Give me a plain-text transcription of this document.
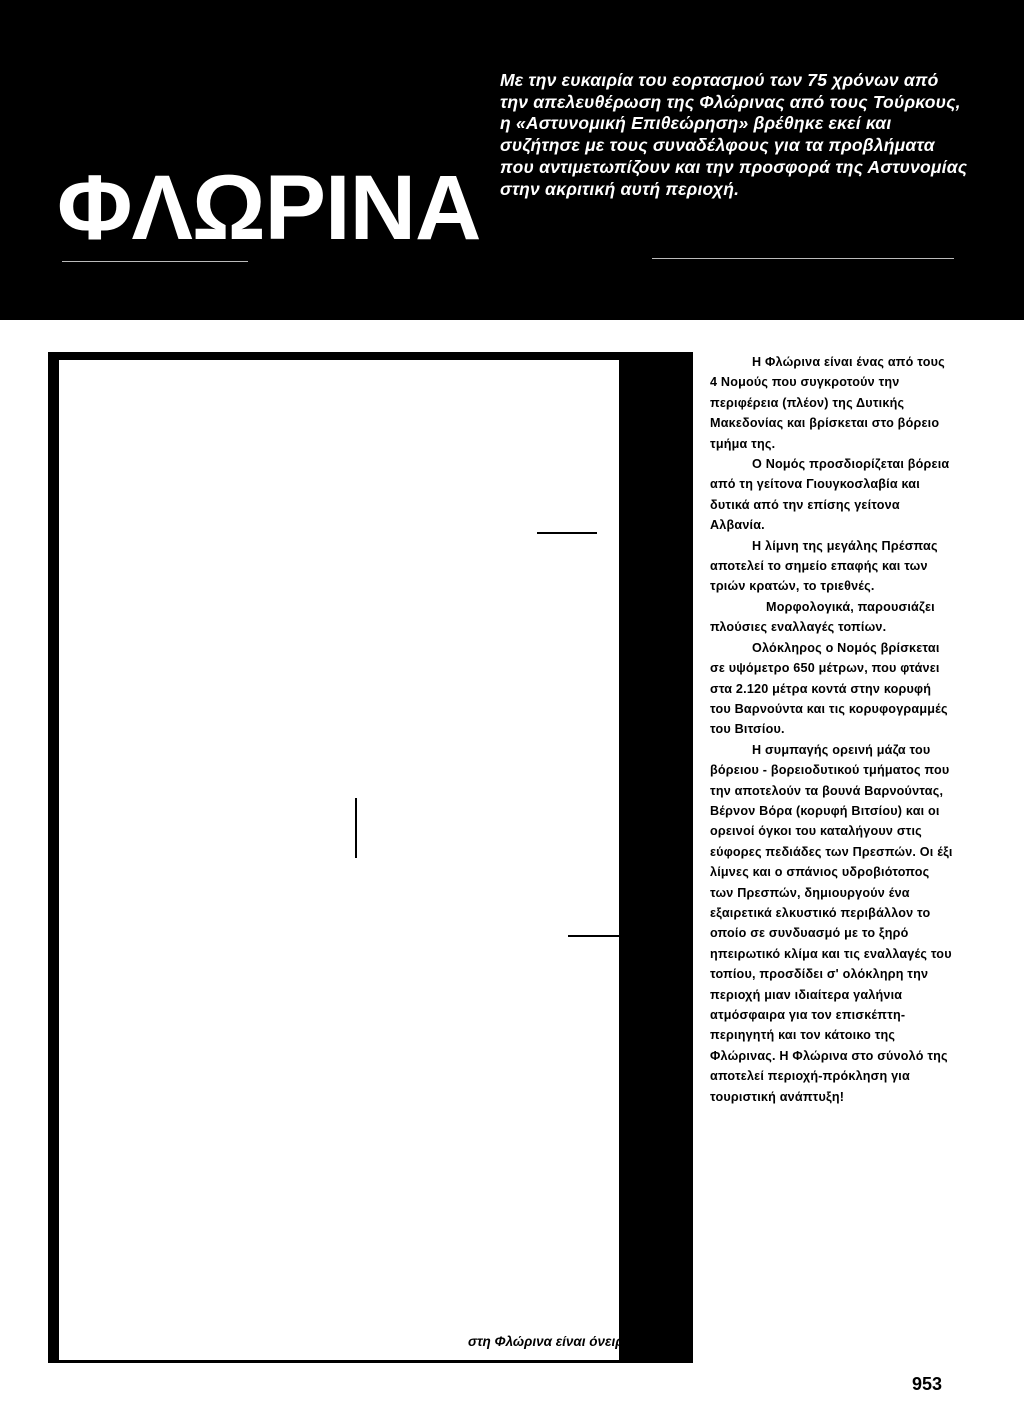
ΦΛΩΡΙΝΑ
Με την ευκαιρία του εορτασμού των 75 χρόνων από την απελευθέρωση της Φλώρινας από τους Τούρκους, η «Αστυνομική Επιθεώρηση» βρέθηκε εκεί και συζήτησε με τους συναδέλφους για τα προβλήματα που αντιμετωπίζουν και την προσφορά της Αστυνομίας στην ακριτική αυτή περιοχή.
στη Φλώρινα είναι όνειρο.

Η Φλώρινα είναι ένας από τους 4 Νομούς που συγκροτούν την περιφέρεια (πλέον) της Δυτικής Μακεδονίας και βρίσκεται στο βόρειο τμήμα της.

Ο Νομός προσδιορίζεται βόρεια από τη γείτονα Γιουγκοσλαβία και δυτικά από την επίσης γείτονα Αλβανία.

Η λίμνη της μεγάλης Πρέσπας αποτελεί το σημείο επαφής και των τριών κρατών, το τριεθνές.

Μορφολογικά, παρουσιάζει πλούσιες εναλλαγές τοπίων.

Ολόκληρος ο Νομός βρίσκεται σε υψόμετρο 650 μέτρων, που φτάνει στα 2.120 μέτρα κοντά στην κορυφή του Βαρνούντα και τις κορυφογραμμές του Βιτσίου.

Η συμπαγής ορεινή μάζα του βόρειου - βορειοδυτικού τμήματος που την αποτελούν τα βουνά Βαρνούντας, Βέρνον Βόρα (κορυφή Βιτσίου) και οι ορεινοί όγκοι του καταλήγουν στις εύφορες πεδιάδες των Πρεσπών. Οι έξι λίμνες και ο σπάνιος υδροβιότοπος των Πρεσπών, δημιουργούν ένα εξαιρετικά ελκυστικό περιβάλλον το οποίο σε συνδυασμό με το ξηρό ηπειρωτικό κλίμα και τις εναλλαγές του τοπίου, προσδίδει σ' ολόκληρη την περιοχή μιαν ιδιαίτερα γαλήνια ατμόσφαιρα για τον επισκέπτη-περιηγητή και τον κάτοικο της Φλώρινας. Η Φλώρινα στο σύνολό της αποτελεί περιοχή-πρόκληση για τουριστική ανάπτυξη!

953
